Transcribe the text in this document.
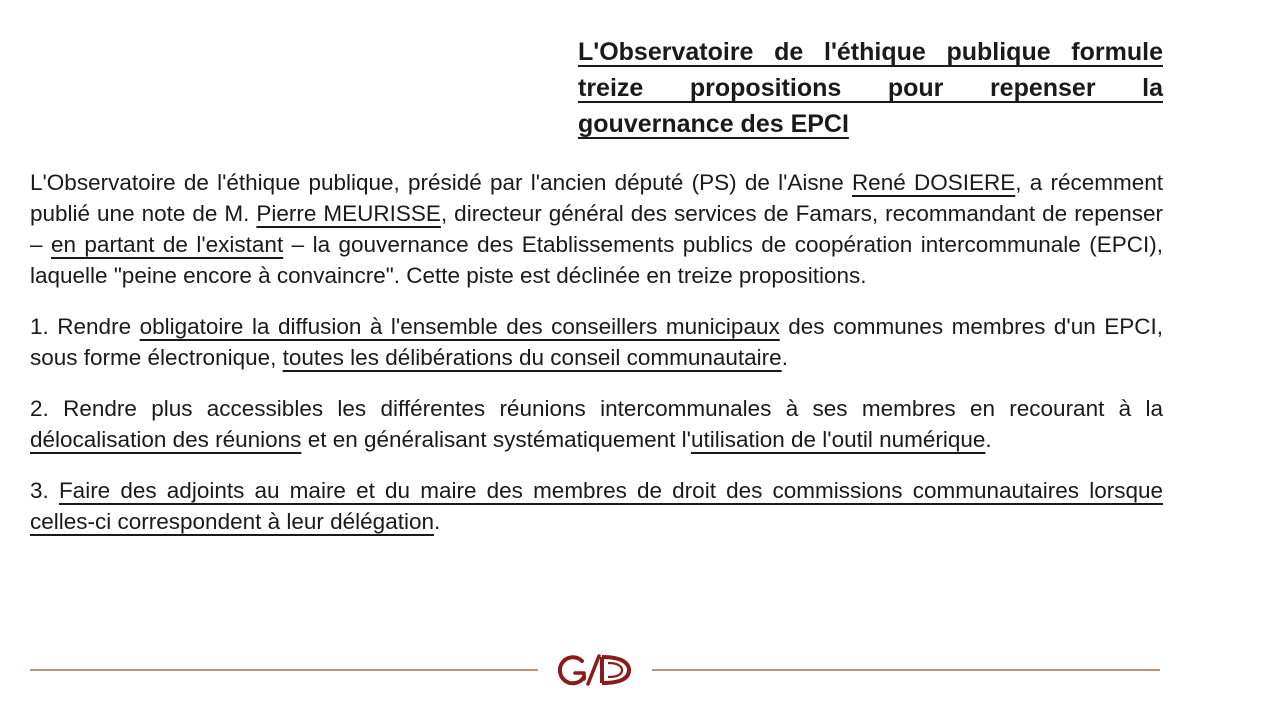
L'Observatoire de l'éthique publique formule treize propositions pour repenser la gouvernance des EPCI

L'Observatoire de l'éthique publique, présidé par l'ancien député (PS) de l'Aisne René DOSIERE, a récemment publié une note de M. Pierre MEURISSE, directeur général des services de Famars, recommandant de repenser – en partant de l'existant – la gouvernance des Etablissements publics de coopération intercommunale (EPCI), laquelle "peine encore à convaincre". Cette piste est déclinée en treize propositions.

1. Rendre obligatoire la diffusion à l'ensemble des conseillers municipaux des communes membres d'un EPCI, sous forme électronique, toutes les délibérations du conseil communautaire.

2. Rendre plus accessibles les différentes réunions intercommunales à ses membres en recourant à la délocalisation des réunions et en généralisant systématiquement l'utilisation de l'outil numérique.

3. Faire des adjoints au maire et du maire des membres de droit des commissions communautaires lorsque celles-ci correspondent à leur délégation.
